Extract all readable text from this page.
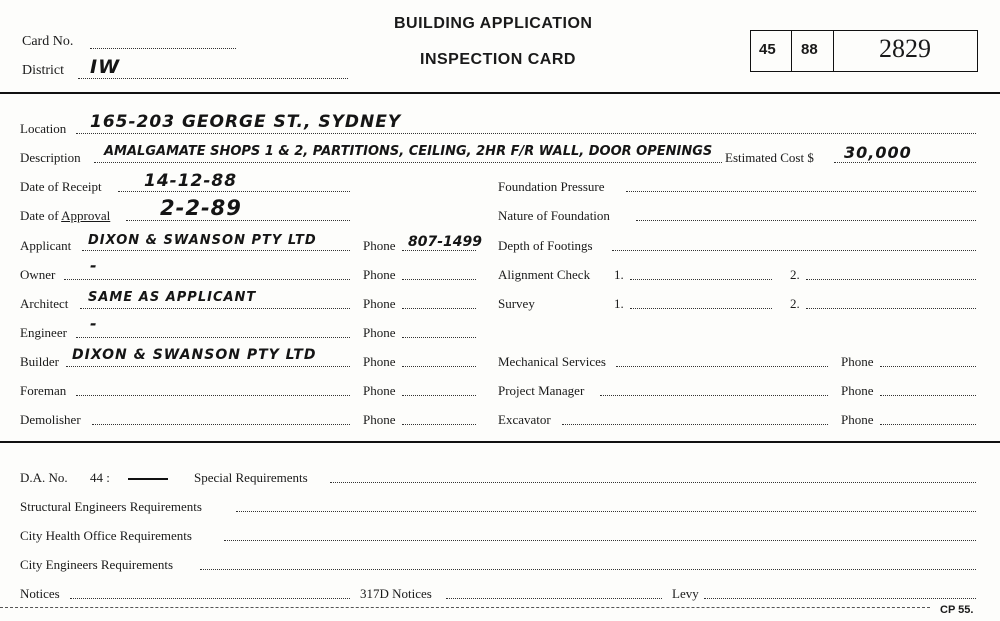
Card No.
District IW
BUILDING APPLICATION
INSPECTION CARD
45 88 2829
Location 165-203 GEORGE ST., SYDNEY
Description AMALGAMATE SHOPS 1 & 2, PARTITIONS, CEILING, 2HR F/R WALL, DOOR OPENINGS Estimated Cost $ 30,000
Date of Receipt 14-12-88
Date of Approval 2-2-89
Applicant DIXON & SWANSON PTY LTD	Phone 807-1499
Owner -	Phone
Architect SAME AS APPLICANT	Phone
Engineer -	Phone
Builder DIXON & SWANSON PTY LTD	Phone
Foreman	Phone
Demolisher	Phone
Foundation Pressure
Nature of Foundation
Depth of Footings
Alignment Check 1.	2.
Survey	1.	2.
Mechanical Services	Phone
Project Manager	Phone
Excavator	Phone
D.A. No. 44 :	Special Requirements
Structural Engineers Requirements
City Health Office Requirements
City Engineers Requirements
Notices	317D Notices	Levy
CP 55.
